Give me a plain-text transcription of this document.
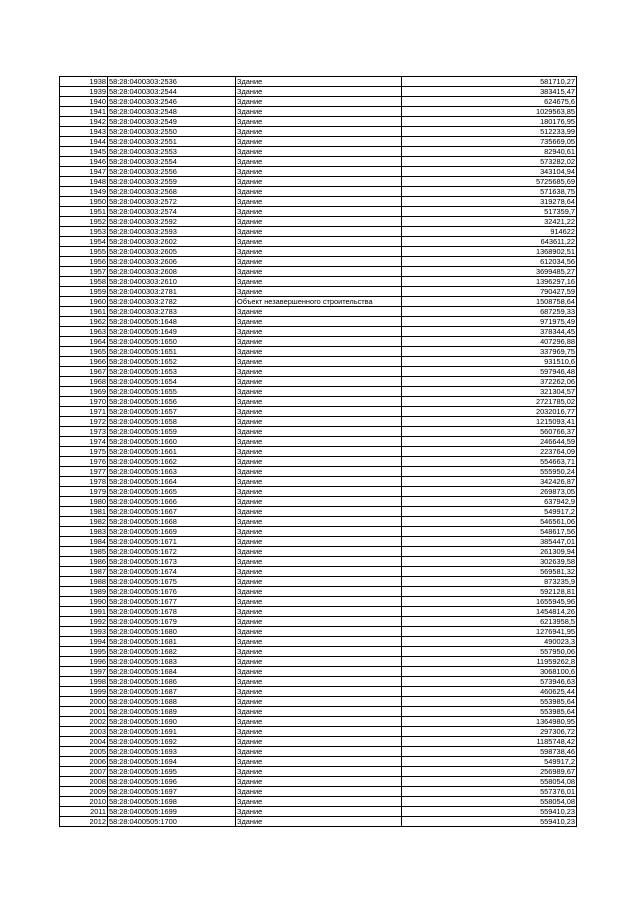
1938	58:28:0400303:2536	Здание	581710,27
1939	58:28:0400303:2544	Здание	383415,47
1940	58:28:0400303:2546	Здание	624675,6
1941	58:28:0400303:2548	Здание	1029563,85
1942	58:28:0400303:2549	Здание	180176,95
1943	58:28:0400303:2550	Здание	512233,99
1944	58:28:0400303:2551	Здание	735669,05
1945	58:28:0400303:2553	Здание	82940,61
1946	58:28:0400303:2554	Здание	573282,02
1947	58:28:0400303:2556	Здание	343104,94
1948	58:28:0400303:2559	Здание	5725685,69
1949	58:28:0400303:2568	Здание	571638,75
1950	58:28:0400303:2572	Здание	319278,64
1951	58:28:0400303:2574	Здание	517359,7
1952	58:28:0400303:2592	Здание	32421,22
1953	58:28:0400303:2593	Здание	914622
1954	58:28:0400303:2602	Здание	643611,22
1955	58:28:0400303:2605	Здание	1368902,51
1956	58:28:0400303:2606	Здание	612034,56
1957	58:28:0400303:2608	Здание	3699485,27
1958	58:28:0400303:2610	Здание	1396297,16
1959	58:28:0400303:2781	Здание	790427,59
1960	58:28:0400303:2782	Объект незавершенного строительства	1508758,64
1961	58:28:0400303:2783	Здание	687259,33
1962	58:28:0400505:1648	Здание	971975,49
1963	58:28:0400505:1649	Здание	378344,45
1964	58:28:0400505:1650	Здание	407296,88
1965	58:28:0400505:1651	Здание	337969,75
1966	58:28:0400505:1652	Здание	931510,6
1967	58:28:0400505:1653	Здание	597946,48
1968	58:28:0400505:1654	Здание	372262,06
1969	58:28:0400505:1655	Здание	321304,57
1970	58:28:0400505:1656	Здание	2721785,02
1971	58:28:0400505:1657	Здание	2032016,77
1972	58:28:0400505:1658	Здание	1215093,41
1973	58:28:0400505:1659	Здание	560766,37
1974	58:28:0400505:1660	Здание	246644,59
1975	58:28:0400505:1661	Здание	223764,09
1976	58:28:0400505:1662	Здание	554663,71
1977	58:28:0400505:1663	Здание	555950,24
1978	58:28:0400505:1664	Здание	342426,87
1979	58:28:0400505:1665	Здание	269873,05
1980	58:28:0400505:1666	Здание	637942,9
1981	58:28:0400505:1667	Здание	549917,2
1982	58:28:0400505:1668	Здание	546561,06
1983	58:28:0400505:1669	Здание	548617,56
1984	58:28:0400505:1671	Здание	385447,01
1985	58:28:0400505:1672	Здание	261309,94
1986	58:28:0400505:1673	Здание	302639,58
1987	58:28:0400505:1674	Здание	569581,32
1988	58:28:0400505:1675	Здание	873235,9
1989	58:28:0400505:1676	Здание	592128,81
1990	58:28:0400505:1677	Здание	1655945,96
1991	58:28:0400505:1678	Здание	1454814,26
1992	58:28:0400505:1679	Здание	6213958,5
1993	58:28:0400505:1680	Здание	1276941,95
1994	58:28:0400505:1681	Здание	490023,3
1995	58:28:0400505:1682	Здание	557950,06
1996	58:28:0400505:1683	Здание	11959262,8
1997	58:28:0400505:1684	Здание	3068100,6
1998	58:28:0400505:1686	Здание	573946,63
1999	58:28:0400505:1687	Здание	460625,44
2000	58:28:0400505:1688	Здание	553985,64
2001	58:28:0400505:1689	Здание	553985,64
2002	58:28:0400505:1690	Здание	1364980,95
2003	58:28:0400505:1691	Здание	297306,72
2004	58:28:0400505:1692	Здание	1185748,42
2005	58:28:0400505:1693	Здание	598738,46
2006	58:28:0400505:1694	Здание	549917,2
2007	58:28:0400505:1695	Здание	256989,67
2008	58:28:0400505:1696	Здание	558054,08
2009	58:28:0400505:1697	Здание	557376,01
2010	58:28:0400505:1698	Здание	558054,08
2011	58:28:0400505:1699	Здание	559410,23
2012	58:28:0400505:1700	Здание	559410,23
